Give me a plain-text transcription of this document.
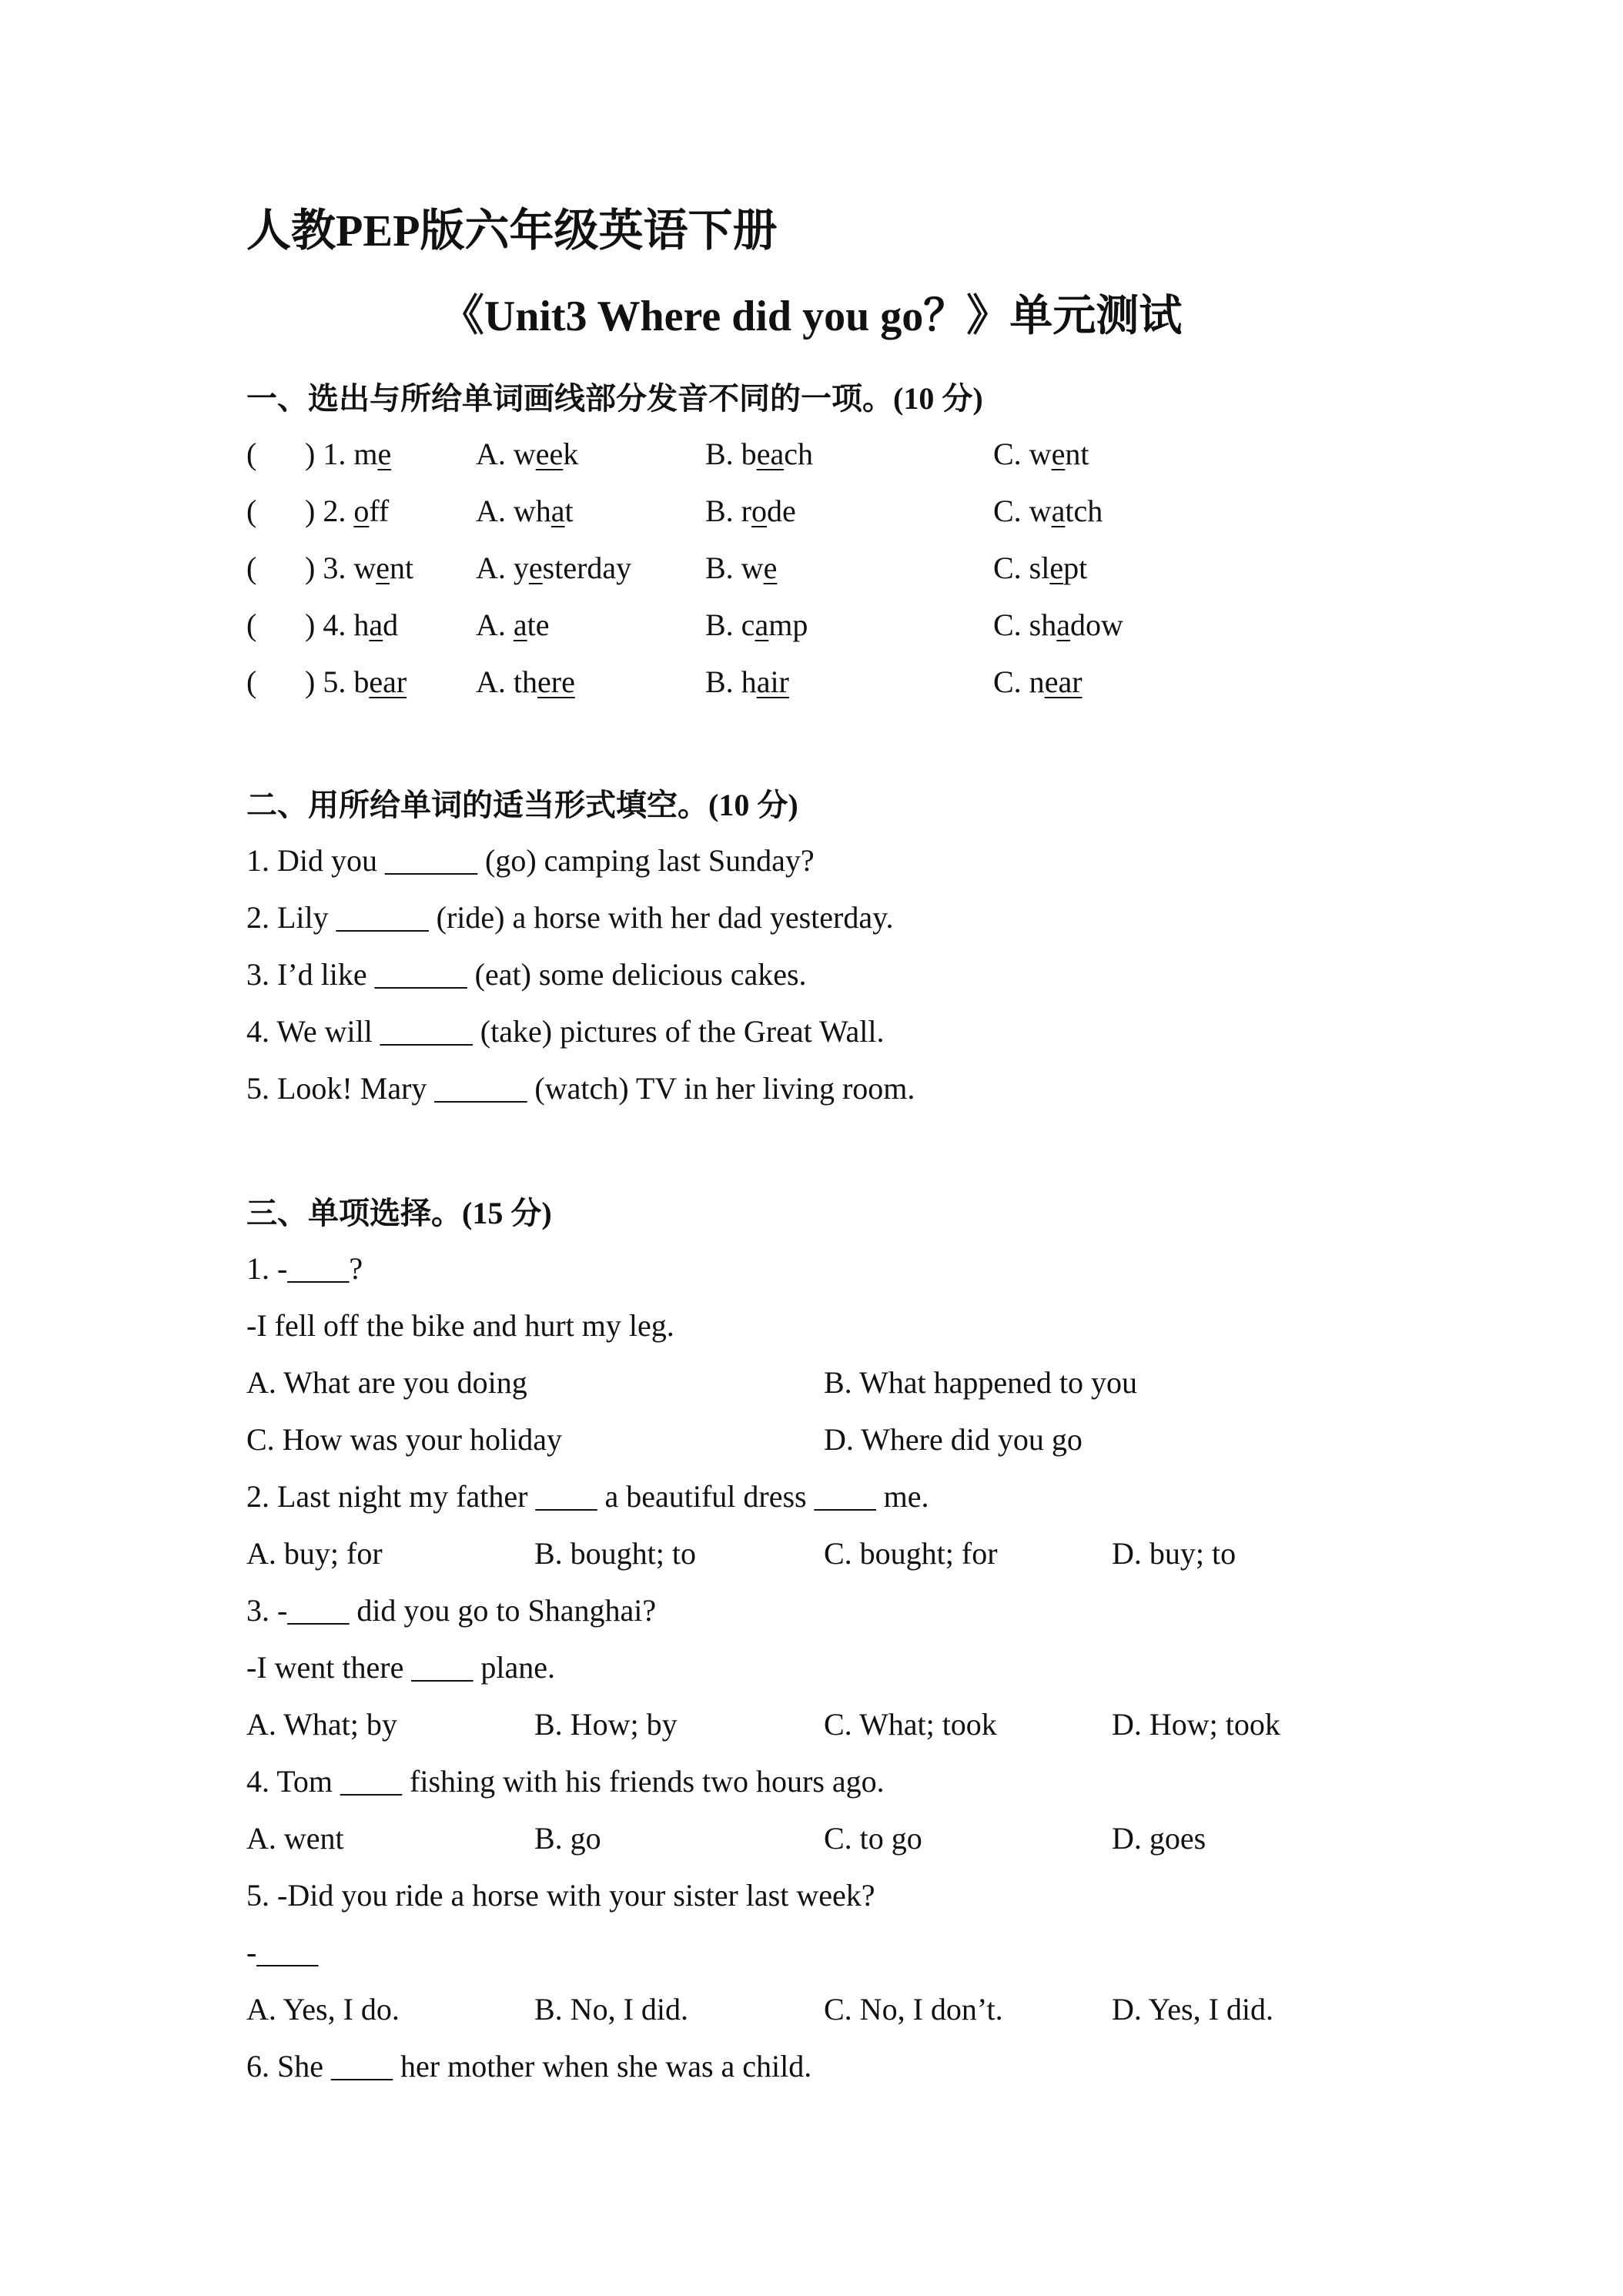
人教PEP版六年级英语下册
《Unit3 Where did you go？》单元测试
一、选出与所给单词画线部分发音不同的一项。(10 分)
( ) 1. me	A. week	B. beach	C. went
( ) 2. off	A. what	B. rode	C. watch
( ) 3. went A. yesterday B. we	C. slept
( ) 4. had	A. ate	B. camp	C. shadow
( ) 5. bear A. there	B. hair	C. near
二、用所给单词的适当形式填空。(10 分)
1. Did you ______ (go) camping last Sunday?
2. Lily ______ (ride) a horse with her dad yesterday.
3. I’d like ______ (eat) some delicious cakes.
4. We will ______ (take) pictures of the Great Wall.
5. Look! Mary ______ (watch) TV in her living room.
三、单项选择。(15 分)
1. -____?
-I fell off the bike and hurt my leg.
A. What are you doing	B. What happened to you
C. How was your holiday	D. Where did you go
2. Last night my father ____ a beautiful dress ____ me.
A. buy; for	B. bought; to	C. bought; for	D. buy; to
3. -____ did you go to Shanghai?
-I went there ____ plane.
A. What; by	B. How; by	C. What; took	D. How; took
4. Tom ____ fishing with his friends two hours ago.
A. went	B. go	C. to go	D. goes
5. -Did you ride a horse with your sister last week?
-____
A. Yes, I do.	B. No, I did.	C. No, I don’t.	D. Yes, I did.
6. She ____ her mother when she was a child.
